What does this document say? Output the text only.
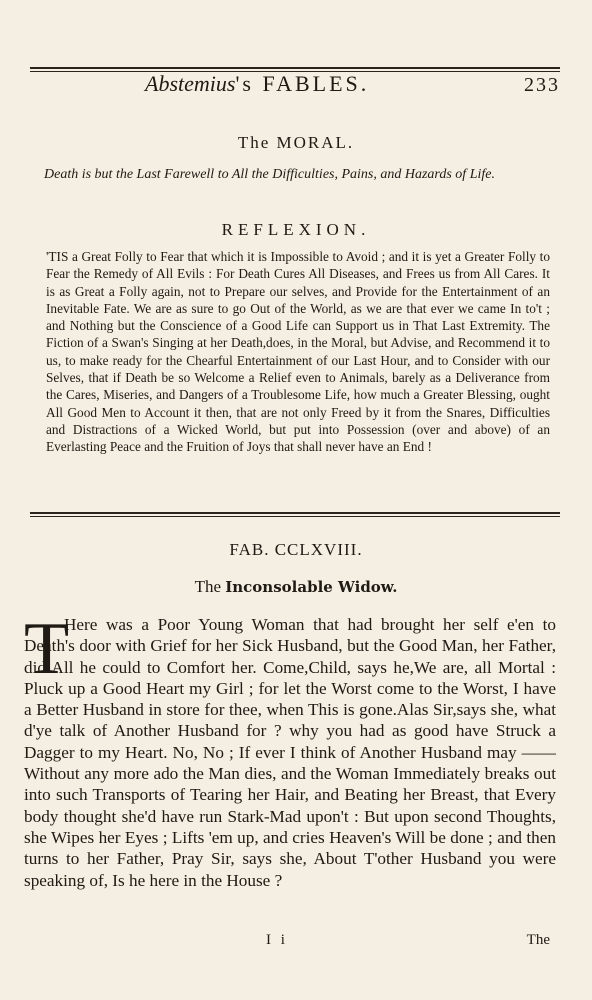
Abstemius's FABLES.	233
The MORAL.
Death is but the Last Farewell to All the Difficulties, Pains, and Hazards of Life.
REFLEXION.
'TIS a Great Folly to Fear that which it is Impossible to Avoid ; and it is yet a Greater Folly to Fear the Remedy of All Evils : For Death Cures All Diseases, and Frees us from All Cares. It is as Great a Folly again, not to Prepare our selves, and Provide for the Entertainment of an Inevitable Fate. We are as sure to go Out of the World, as we are that ever we came In to't ; and Nothing but the Conscience of a Good Life can Support us in That Last Extremity. The Fiction of a Swan's Singing at her Death,does, in the Moral, but Advise, and Recommend it to us, to make ready for the Chearful Entertainment of our Last Hour, and to Consider with our Selves, that if Death be so Welcome a Relief even to Animals, barely as a Deliverance from the Cares, Miseries, and Dangers of a Troublesome Life, how much a Greater Blessing, ought All Good Men to Account it then, that are not only Freed by it from the Snares, Difficulties and Distractions of a Wicked World, but put into Possession (over and above) of an Everlasting Peace and the Fruition of Joys that shall never have an End !
FAB. CCLXVIII.
The Inconsolable Widow.
T
Here was a Poor Young Woman that had brought her self e'en to Death's door with Grief for her Sick Husband, but the Good Man, her Father, did All he could to Comfort her. Come,Child, says he,We are, all Mortal : Pluck up a Good Heart my Girl ; for let the Worst come to the Worst, I have a Better Husband in store for thee, when This is gone.Alas Sir,says she, what d'ye talk of Another Husband for ? why you had as good have Struck a Dagger to my Heart. No, No ; If ever I think of Another Husband may —— Without any more ado the Man dies, and the Woman Immediately breaks out into such Transports of Tearing her Hair, and Beating her Breast, that Every body thought she'd have run Stark-Mad upon't : But upon second Thoughts, she Wipes her Eyes ; Lifts 'em up, and cries Heaven's Will be done ; and then turns to her Father, Pray Sir, says she, About T'other Husband you were speaking of, Is he here in the House ?
I i	The
